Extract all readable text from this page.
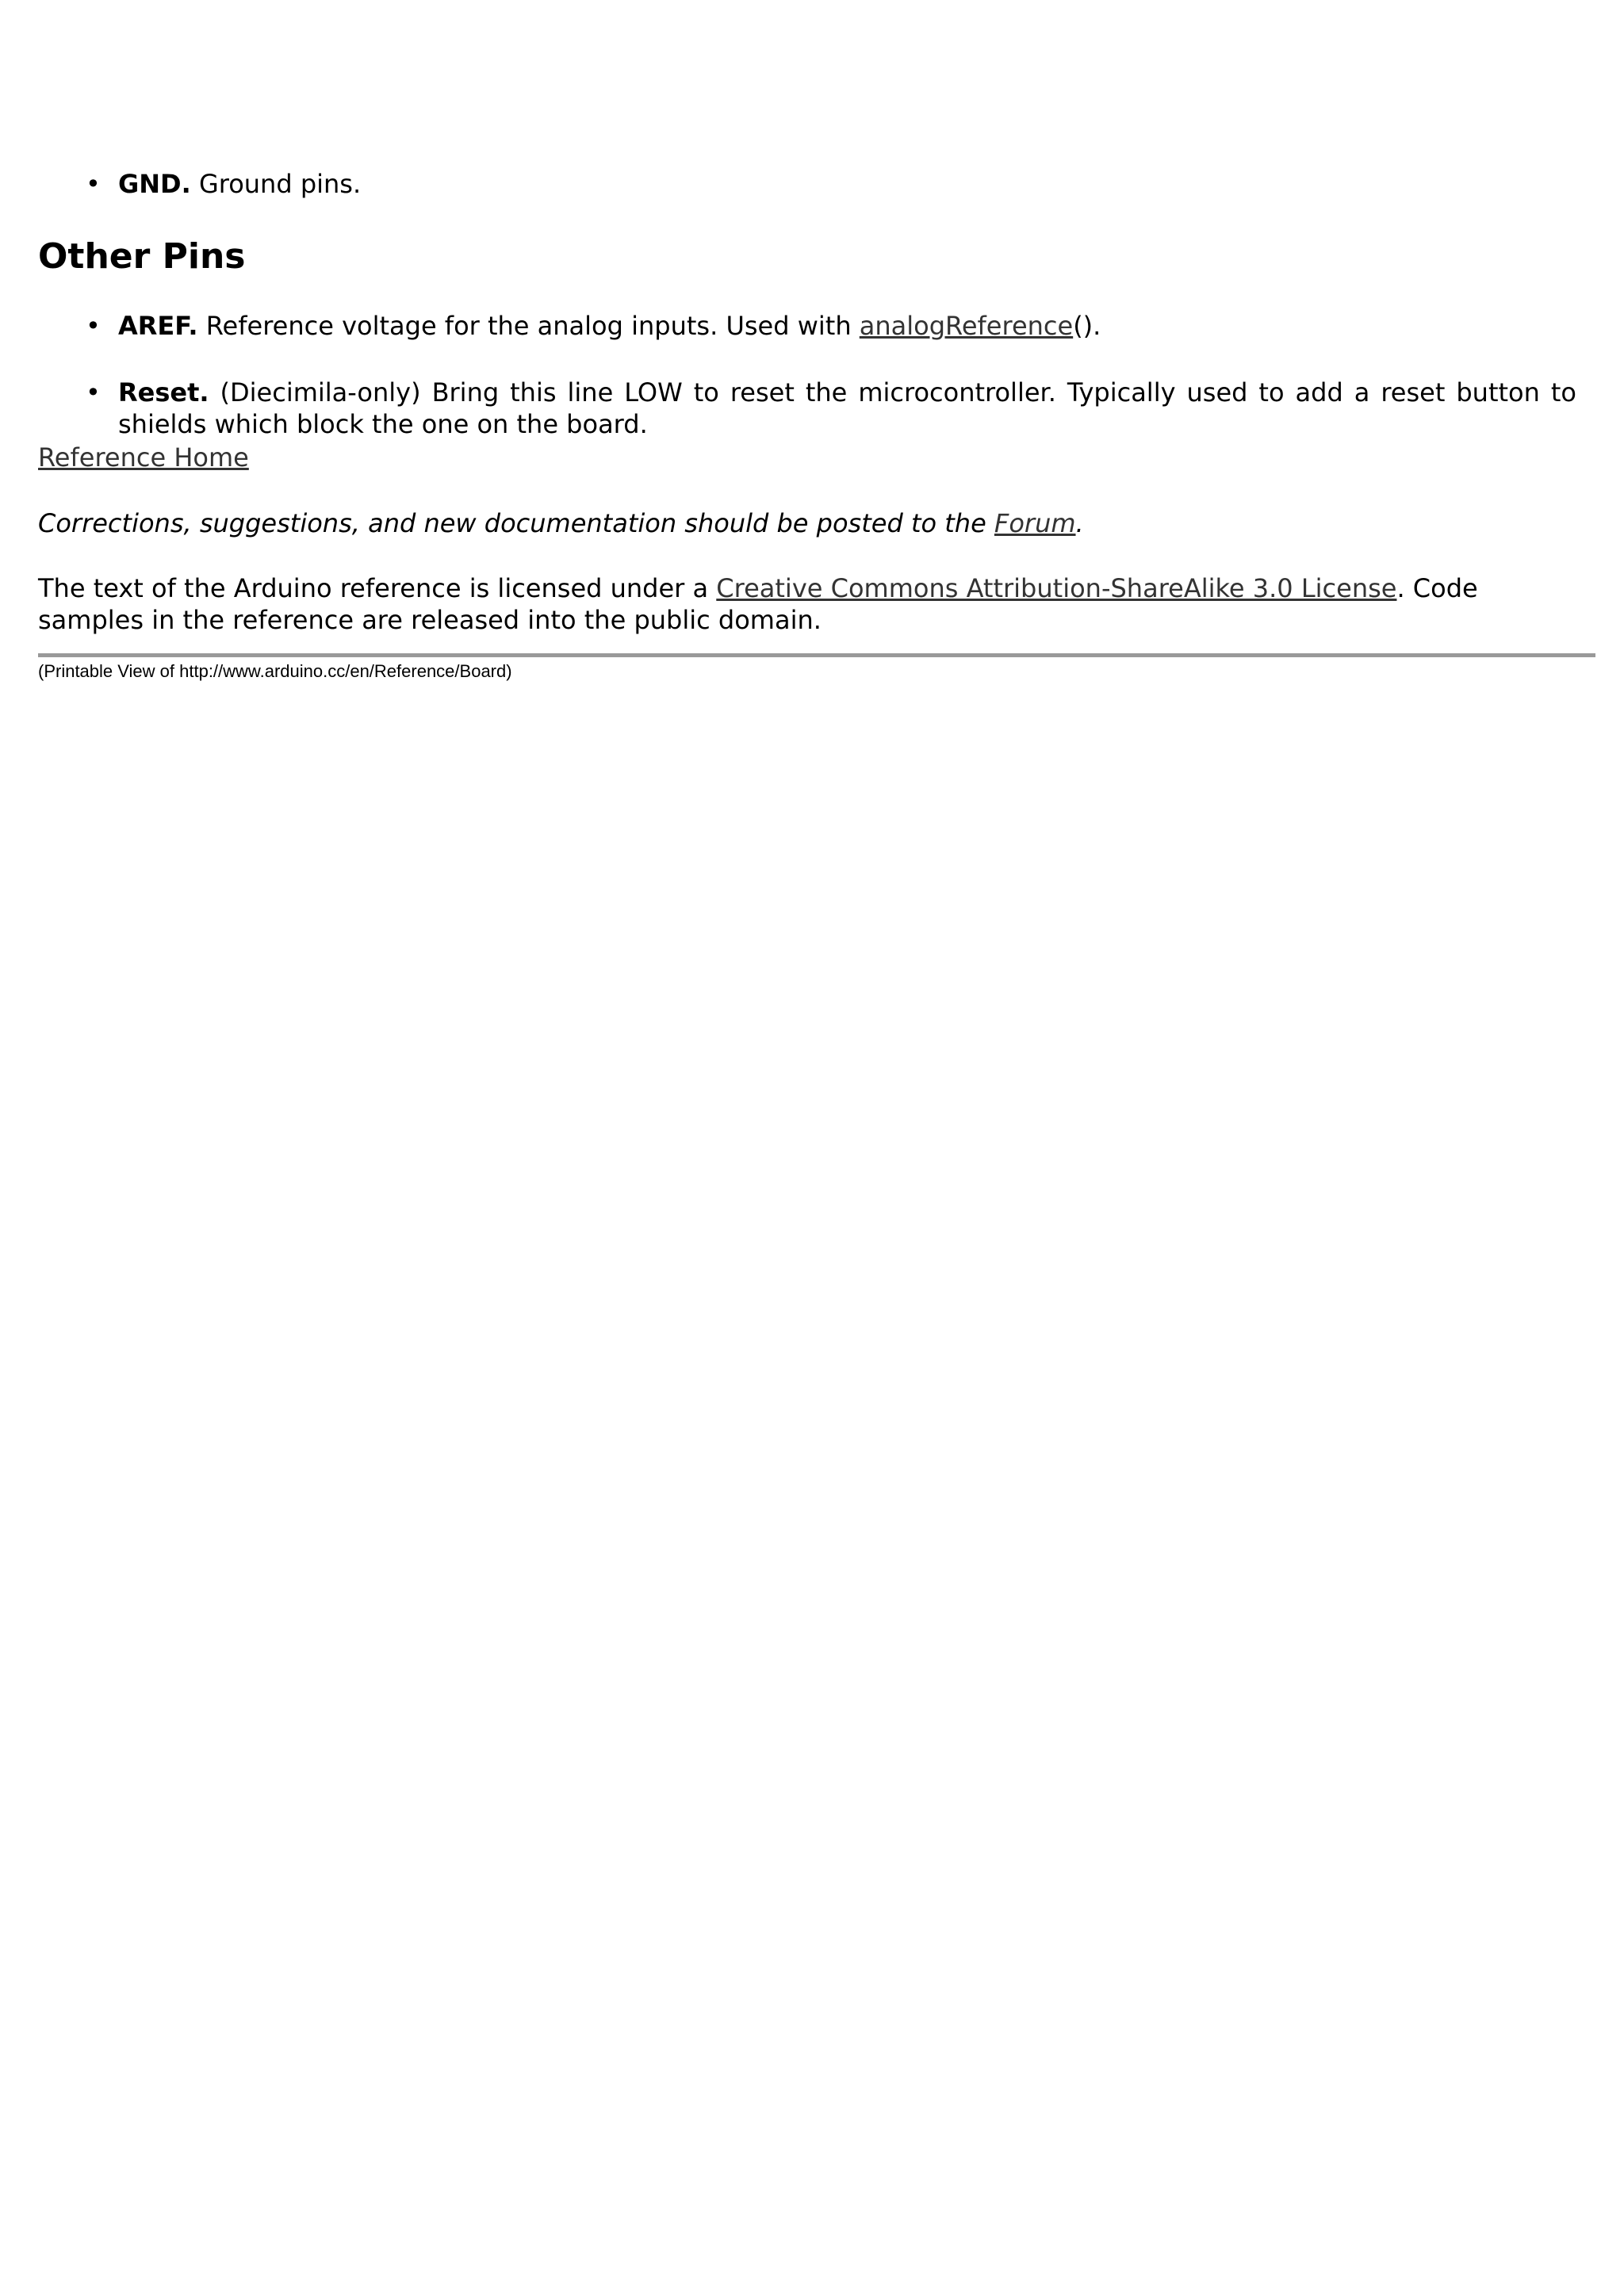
• GND. Ground pins.
Other Pins
• AREF. Reference voltage for the analog inputs. Used with analogReference().
• Reset. (Diecimila-only) Bring this line LOW to reset the microcontroller. Typically used to add a reset button to shields which block the one on the board.
Reference Home
Corrections, suggestions, and new documentation should be posted to the Forum.
The text of the Arduino reference is licensed under a Creative Commons Attribution-ShareAlike 3.0 License. Code samples in the reference are released into the public domain.
(Printable View of http://www.arduino.cc/en/Reference/Board)
